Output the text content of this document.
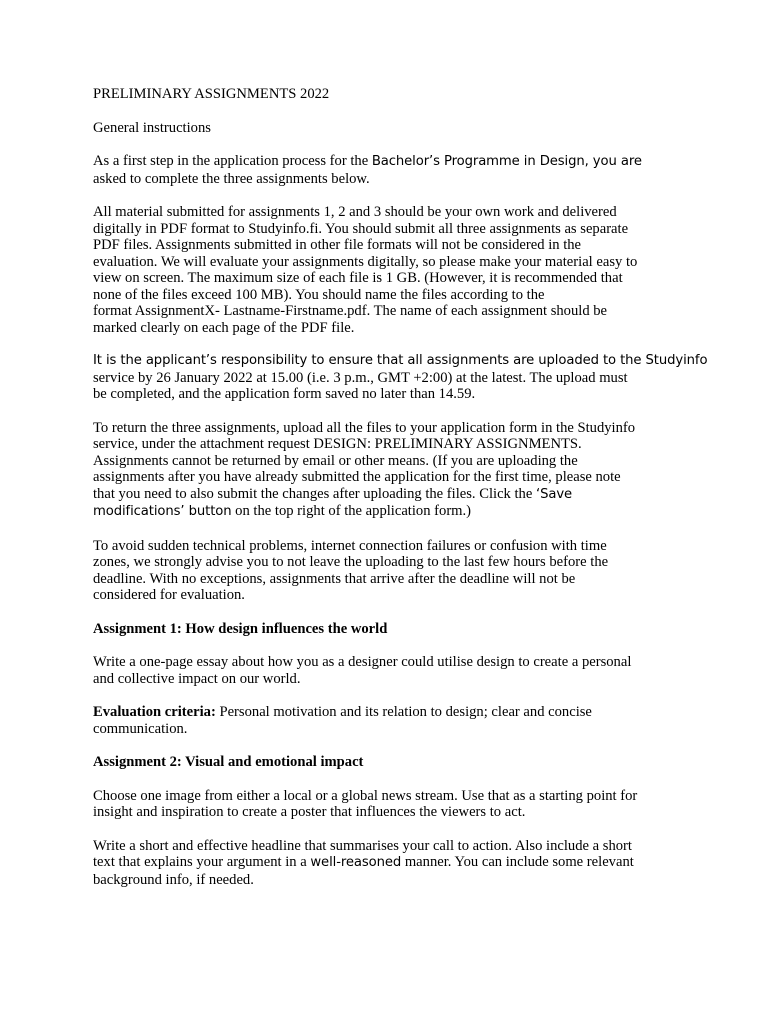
PRELIMINARY ASSIGNMENTS 2022

General instructions

As a first step in the application process for the Bachelor’s Programme in Design, you are
asked to complete the three assignments below.

All material submitted for assignments 1, 2 and 3 should be your own work and delivered
digitally in PDF format to Studyinfo.fi. You should submit all three assignments as separate
PDF files. Assignments submitted in other file formats will not be considered in the
evaluation. We will evaluate your assignments digitally, so please make your material easy to
view on screen. The maximum size of each file is 1 GB. (However, it is recommended that
none of the files exceed 100 MB). You should name the files according to the
format AssignmentX- Lastname-Firstname.pdf. The name of each assignment should be
marked clearly on each page of the PDF file.

It is the applicant’s responsibility to ensure that all assignments are uploaded to the Studyinfo
service by 26 January 2022 at 15.00 (i.e. 3 p.m., GMT +2:00) at the latest. The upload must
be completed, and the application form saved no later than 14.59.

To return the three assignments, upload all the files to your application form in the Studyinfo
service, under the attachment request DESIGN: PRELIMINARY ASSIGNMENTS.
Assignments cannot be returned by email or other means. (If you are uploading the
assignments after you have already submitted the application for the first time, please note
that you need to also submit the changes after uploading the files. Click the ‘Save
modifications’ button on the top right of the application form.)

To avoid sudden technical problems, internet connection failures or confusion with time
zones, we strongly advise you to not leave the uploading to the last few hours before the
deadline. With no exceptions, assignments that arrive after the deadline will not be
considered for evaluation.

Assignment 1: How design influences the world

Write a one-page essay about how you as a designer could utilise design to create a personal
and collective impact on our world.

Evaluation criteria: Personal motivation and its relation to design; clear and concise
communication.

Assignment 2: Visual and emotional impact

Choose one image from either a local or a global news stream. Use that as a starting point for
insight and inspiration to create a poster that influences the viewers to act.

Write a short and effective headline that summarises your call to action. Also include a short
text that explains your argument in a well-reasoned manner. You can include some relevant
background info, if needed.
